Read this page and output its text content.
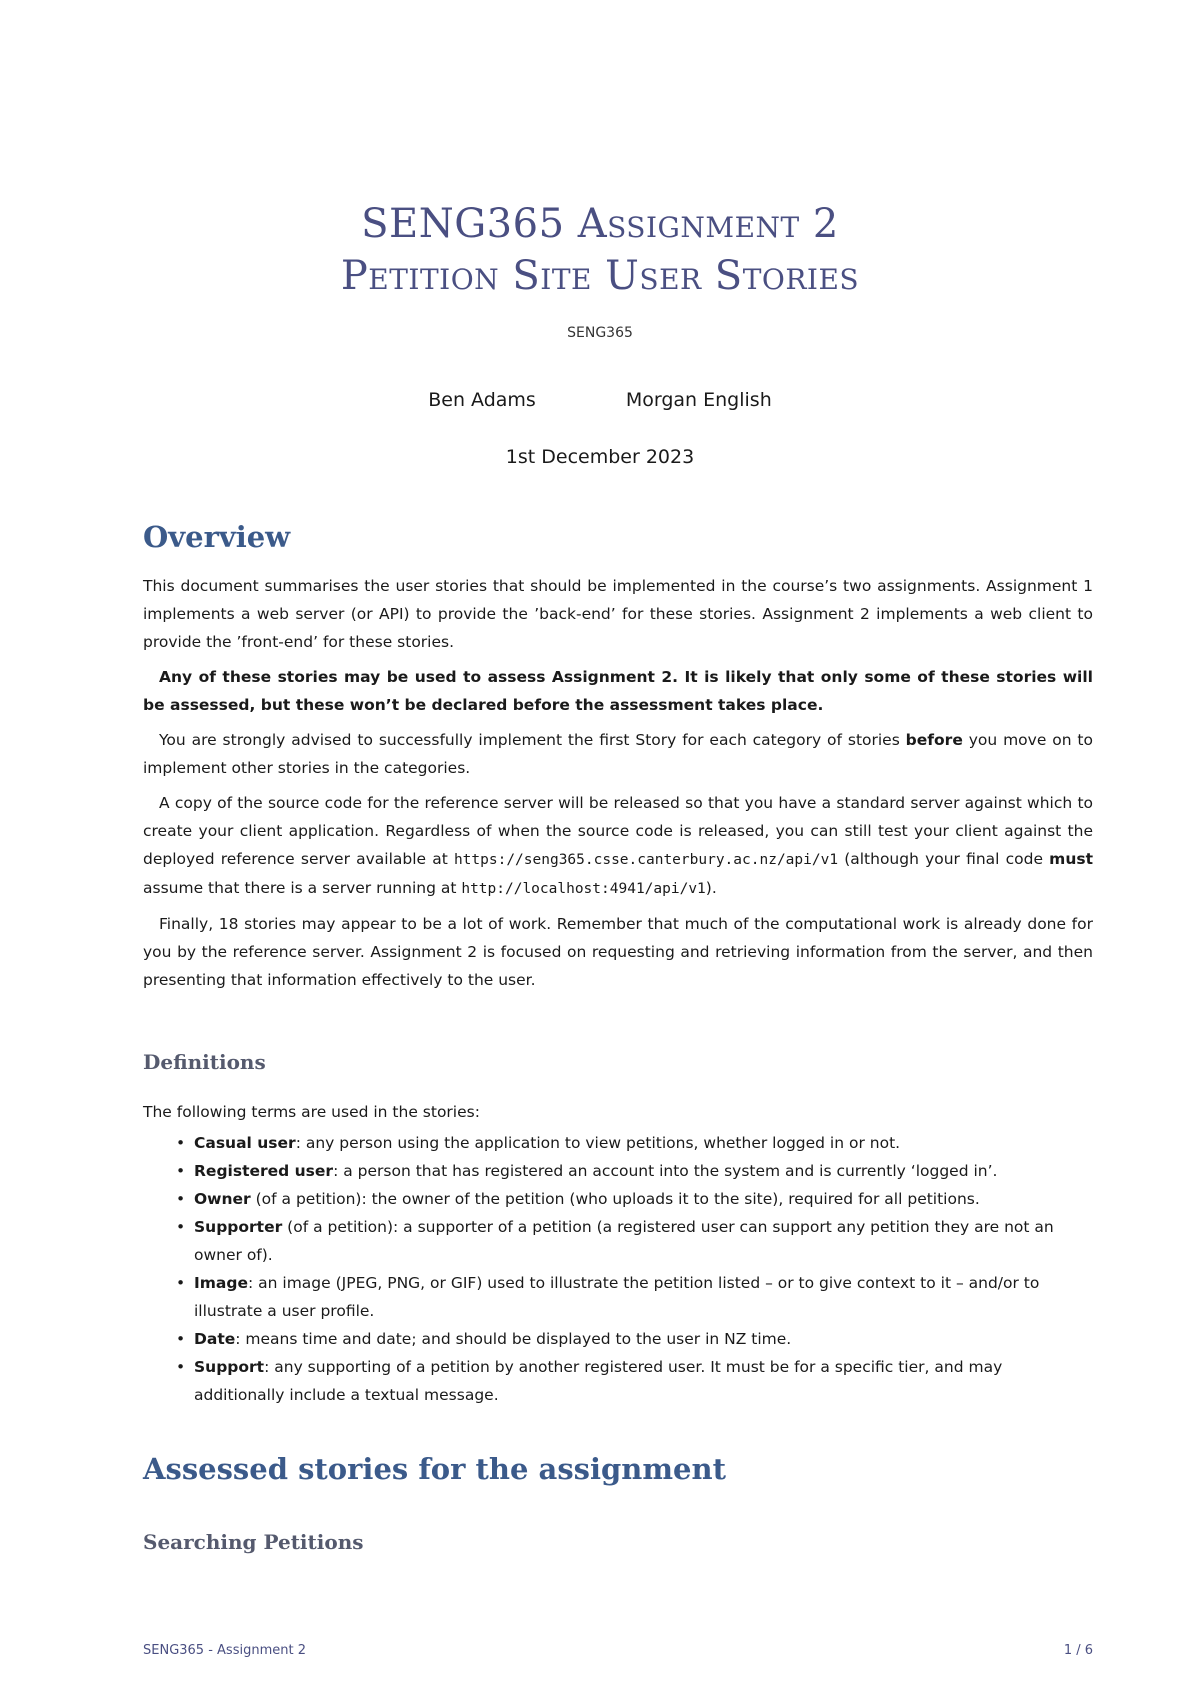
SENG365 Assignment 2
Petition Site User Stories
SENG365
Ben Adams	Morgan English
1st December 2023
Overview

This document summarises the user stories that should be implemented in the course’s two assignments. Assignment 1 implements a web server (or API) to provide the ’back-end’ for these stories. Assignment 2 implements a web client to provide the ’front-end’ for these stories.

Any of these stories may be used to assess Assignment 2. It is likely that only some of these stories will be assessed, but these won’t be declared before the assessment takes place.

You are strongly advised to successfully implement the first Story for each category of stories before you move on to implement other stories in the categories.

A copy of the source code for the reference server will be released so that you have a standard server against which to create your client application. Regardless of when the source code is released, you can still test your client against the deployed reference server available at https://seng365.csse.canterbury.ac.nz/api/v1 (although your final code must assume that there is a server running at http://localhost:4941/api/v1).

Finally, 18 stories may appear to be a lot of work. Remember that much of the computational work is already done for you by the reference server. Assignment 2 is focused on requesting and retrieving information from the server, and then presenting that information effectively to the user.

Definitions

The following terms are used in the stories:

• Casual user: any person using the application to view petitions, whether logged in or not.
• Registered user: a person that has registered an account into the system and is currently ‘logged in’.
• Owner (of a petition): the owner of the petition (who uploads it to the site), required for all petitions.
• Supporter (of a petition): a supporter of a petition (a registered user can support any petition they are not an owner of).
• Image: an image (JPEG, PNG, or GIF) used to illustrate the petition listed – or to give context to it – and/or to illustrate a user profile.
• Date: means time and date; and should be displayed to the user in NZ time.
• Support: any supporting of a petition by another registered user. It must be for a specific tier, and may additionally include a textual message.
Assessed stories for the assignment
Searching Petitions
SENG365 - Assignment 2	1 / 6
